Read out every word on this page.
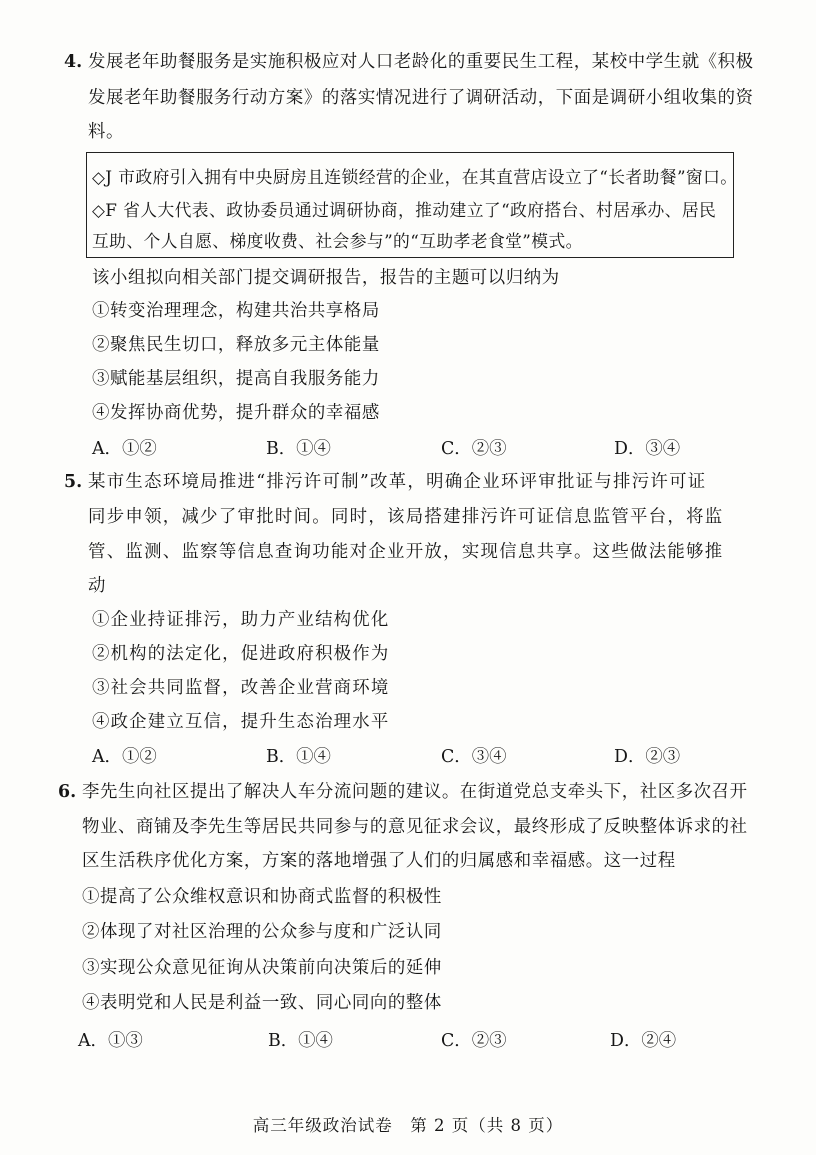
4. 发展老年助餐服务是实施积极应对人口老龄化的重要民生工程，某校中学生就《积极
发展老年助餐服务行动方案》的落实情况进行了调研活动，下面是调研小组收集的资
料。
◇J 市政府引入拥有中央厨房且连锁经营的企业，在其直营店设立了“长者助餐”窗口。
◇F 省人大代表、政协委员通过调研协商，推动建立了“政府搭台、村居承办、居民
互助、个人自愿、梯度收费、社会参与”的“互助孝老食堂”模式。
该小组拟向相关部门提交调研报告，报告的主题可以归纳为
①转变治理理念，构建共治共享格局
②聚焦民生切口，释放多元主体能量
③赋能基层组织，提高自我服务能力
④发挥协商优势，提升群众的幸福感
A．①②	B．①④	C．②③	D．③④
5. 某市生态环境局推进“排污许可制”改革，明确企业环评审批证与排污许可证
同步申领，减少了审批时间。同时，该局搭建排污许可证信息监管平台，将监
管、监测、监察等信息查询功能对企业开放，实现信息共享。这些做法能够推
动
①企业持证排污，助力产业结构优化
②机构的法定化，促进政府积极作为
③社会共同监督，改善企业营商环境
④政企建立互信，提升生态治理水平
A．①②	B．①④	C．③④	D．②③
6. 李先生向社区提出了解决人车分流问题的建议。在街道党总支牵头下，社区多次召开
物业、商铺及李先生等居民共同参与的意见征求会议，最终形成了反映整体诉求的社
区生活秩序优化方案，方案的落地增强了人们的归属感和幸福感。这一过程
①提高了公众维权意识和协商式监督的积极性
②体现了对社区治理的公众参与度和广泛认同
③实现公众意见征询从决策前向决策后的延伸
④表明党和人民是利益一致、同心同向的整体
A．①③	B．①④	C．②③	D．②④
高三年级政治试卷　第 2 页（共 8 页）
